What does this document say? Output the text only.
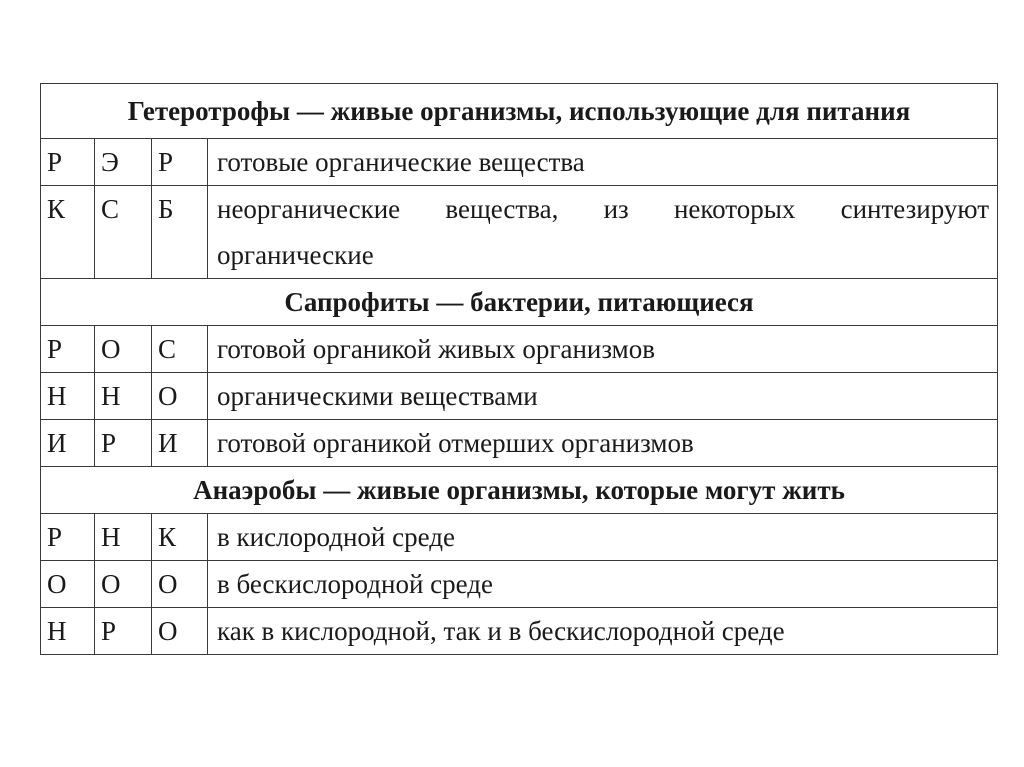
Гетеротрофы — живые организмы, использующие для питания			
Р	Э	Р	готовые органические вещества
К	С	Б	неорганические вещества, из некоторых синтезируют органические
Сапрофиты — бактерии, питающиеся			
Р	О	С	готовой органикой живых организмов
Н	Н	О	органическими веществами
И	Р	И	готовой органикой отмерших организмов
Анаэробы — живые организмы, которые могут жить			
Р	Н	К	в кислородной среде
О	О	О	в бескислородной среде
Н	Р	О	как в кислородной, так и в бескислородной среде
